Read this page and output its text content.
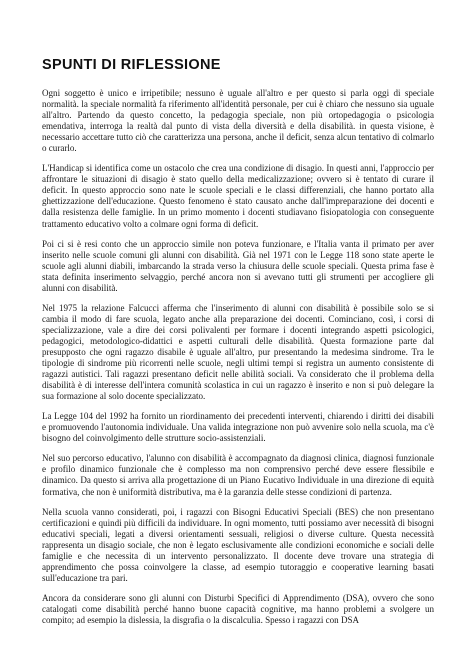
SPUNTI DI RIFLESSIONE

Ogni soggetto è unico e irripetibile; nessuno è uguale all'altro e per questo si parla oggi di speciale normalità. la speciale normalità fa riferimento all'identità personale, per cui è chiaro che nessuno sia uguale all'altro. Partendo da questo concetto, la pedagogia speciale, non più ortopedagogia o psicologia emendativa, interroga la realtà dal punto di vista della diversità e della disabilità. in questa visione, è necessario accettare tutto ciò che caratterizza una persona, anche il deficit, senza alcun tentativo di colmarlo o curarlo.

L'Handicap si identifica come un ostacolo che crea una condizione di disagio. In questi anni, l'approccio per affrontare le situazioni di disagio è stato quello della medicalizzazione; ovvero si è tentato di curare il deficit. In questo approccio sono nate le scuole speciali e le classi differenziali, che hanno portato alla ghettizzazione dell'educazione. Questo fenomeno è stato causato anche dall'impreparazione dei docenti e dalla resistenza delle famiglie. In un primo momento i docenti studiavano fisiopatologia con conseguente trattamento educativo volto a colmare ogni forma di deficit.

Poi ci si è resi conto che un approccio simile non poteva funzionare, e l'Italia vanta il primato per aver inserito nelle scuole comuni gli alunni con disabilità. Già nel 1971 con le Legge 118 sono state aperte le scuole agli alunni diabili, imbarcando la strada verso la chiusura delle scuole speciali. Questa prima fase è stata definita inserimento selvaggio, perché ancora non si avevano tutti gli strumenti per accogliere gli alunni con disabilità.

Nel 1975 la relazione Falcucci afferma che l'inserimento di alunni con disabilità è possibile solo se si cambia il modo di fare scuola, legato anche alla preparazione dei docenti. Cominciano, così, i corsi di specializzazione, vale a dire dei corsi polivalenti per formare i docenti integrando aspetti psicologici, pedagogici, metodologico-didattici e aspetti culturali delle disabilità. Questa formazione parte dal presupposto che ogni ragazzo disabile è uguale all'altro, pur presentando la medesima sindrome. Tra le tipologie di sindrome più ricorrenti nelle scuole, negli ultimi tempi si registra un aumento consistente di ragazzi autistici. Tali ragazzi presentano deficit nelle abilità sociali. Va considerato che il problema della disabilità è di interesse dell'intera comunità scolastica in cui un ragazzo è inserito e non si può delegare la sua formazione al solo docente specializzato.

La Legge 104 del 1992 ha fornito un riordinamento dei precedenti interventi, chiarendo i diritti dei disabili e promuovendo l'autonomia individuale. Una valida integrazione non può avvenire solo nella scuola, ma c'è bisogno del coinvolgimento delle strutture socio-assistenziali.

Nel suo percorso educativo, l'alunno con disabilità è accompagnato da diagnosi clinica, diagnosi funzionale e profilo dinamico funzionale che è complesso ma non comprensivo perché deve essere flessibile e dinamico. Da questo si arriva alla progettazione di un Piano Eucativo Individuale in una direzione di equità formativa, che non è uniformità distributiva, ma è la garanzia delle stesse condizioni di partenza.

Nella scuola vanno considerati, poi, i ragazzi con Bisogni Educativi Speciali (BES) che non presentano certificazioni e quindi più difficili da individuare. In ogni momento, tutti possiamo aver necessità di bisogni educativi speciali, legati a diversi orientamenti sessuali, religiosi o diverse culture. Questa necessità rappresenta un disagio sociale, che non è legato esclusivamente alle condizioni economiche e sociali delle famiglie e che necessita di un intervento personalizzato. Il docente deve trovare una strategia di apprendimento che possa coinvolgere la classe, ad esempio tutoraggio e cooperative learning basati sull'educazione tra pari.

Ancora da considerare sono gli alunni con Disturbi Specifici di Apprendimento (DSA), ovvero che sono catalogati come disabilità perché hanno buone capacità cognitive, ma hanno problemi a svolgere un compito; ad esempio la dislessia, la disgrafia o la discalculia. Spesso i ragazzi con DSA
